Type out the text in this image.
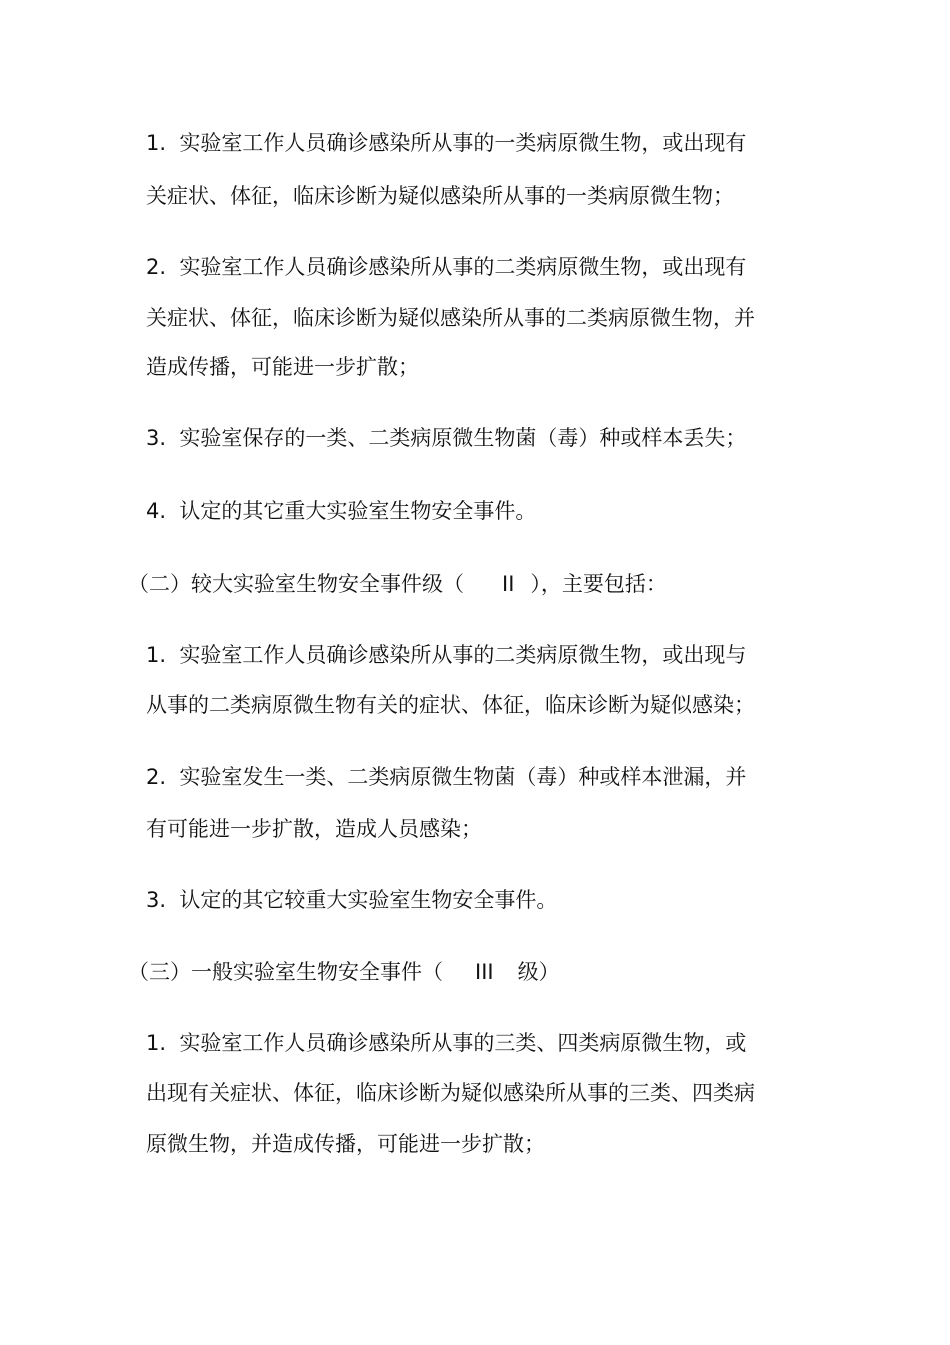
1. 实验室工作人员确诊感染所从事的一类病原微生物，或出现有
关症状、体征，临床诊断为疑似感染所从事的一类病原微生物；
2. 实验室工作人员确诊感染所从事的二类病原微生物，或出现有
关症状、体征，临床诊断为疑似感染所从事的二类病原微生物，并
造成传播，可能进一步扩散；
3. 实验室保存的一类、二类病原微生物菌（毒）种或样本丢失；
4. 认定的其它重大实验室生物安全事件。
（二）较大实验室生物安全事件级（ II ），主要包括：
1. 实验室工作人员确诊感染所从事的二类病原微生物，或出现与
从事的二类病原微生物有关的症状、体征，临床诊断为疑似感染；
2. 实验室发生一类、二类病原微生物菌（毒）种或样本泄漏，并
有可能进一步扩散，造成人员感染；
3. 认定的其它较重大实验室生物安全事件。
（三）一般实验室生物安全事件（ III 级）
1. 实验室工作人员确诊感染所从事的三类、四类病原微生物，或
出现有关症状、体征，临床诊断为疑似感染所从事的三类、四类病
原微生物，并造成传播，可能进一步扩散；
